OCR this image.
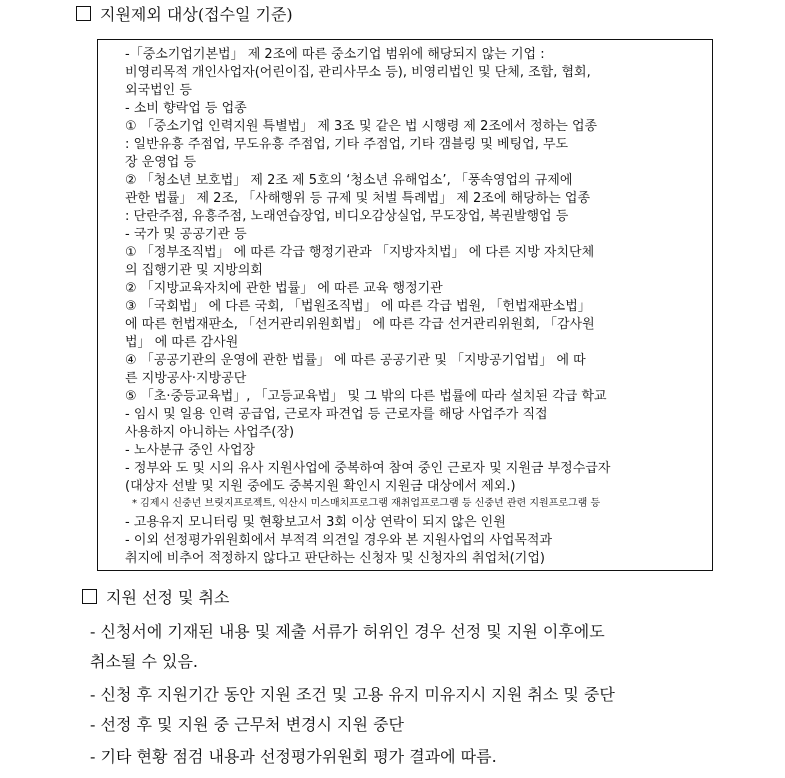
지원제외 대상(접수일 기준)
-「중소기업기본법」 제 2조에 따른 중소기업 범위에 해당되지 않는 기업 :
비영리목적 개인사업자(어린이집, 관리사무소 등), 비영리법인 및 단체, 조합, 협회,
외국법인 등
- 소비 향락업 등 업종
① 「중소기업 인력지원 특별법」 제 3조 및 같은 법 시행령 제 2조에서 정하는 업종
: 일반유흥 주점업, 무도유흥 주점업, 기타 주점업, 기타 갬블링 및 베팅업, 무도
장 운영업 등
② 「청소년 보호법」 제 2조 제 5호의 ‘청소년 유해업소’, 「풍속영업의 규제에
관한 법률」 제 2조, 「사해행위 등 규제 및 처벌 특례법」 제 2조에 해당하는 업종
: 단란주점, 유흥주점, 노래연습장업, 비디오감상실업, 무도장업, 복권발행업 등
- 국가 및 공공기관 등
① 「정부조직법」 에 따른 각급 행정기관과 「지방자치법」 에 다른 지방 자치단체
의 집행기관 및 지방의회
② 「지방교육자치에 관한 법률」 에 따른 교육 행정기관
③ 「국회법」 에 다른 국회, 「법원조직법」 에 따른 각급 법원, 「헌법재판소법」
에 따른 헌법재판소, 「선거관리위원회법」 에 따른 각급 선거관리위원회, 「감사원
법」 에 따른 감사원
④ 「공공기관의 운영에 관한 법률」 에 따른 공공기관 및 「지방공기업법」 에 따
른 지방공사·지방공단
⑤ 「초·중등교육법」, 「고등교육법」 및 그 밖의 다른 법률에 따라 설치된 각급 학교
- 임시 및 일용 인력 공급업, 근로자 파견업 등 근로자를 해당 사업주가 직접
사용하지 아니하는 사업주(장)
- 노사분규 중인 사업장
- 정부와 도 및 시의 유사 지원사업에 중복하여 참여 중인 근로자 및 지원금 부정수급자
(대상자 선발 및 지원 중에도 중복지원 확인시 지원금 대상에서 제외.)
* 김제시 신중년 브릿지프로젝트, 익산시 미스매치프로그램 재취업프로그램 등 신중년 관련 지원프로그램 등
- 고용유지 모니터링 및 현황보고서 3회 이상 연락이 되지 않은 인원
- 이외 선정평가위원회에서 부적격 의견일 경우와 본 지원사업의 사업목적과
취지에 비추어 적정하지 않다고 판단하는 신청자 및 신청자의 취업처(기업)
지원 선정 및 취소
- 신청서에 기재된 내용 및 제출 서류가 허위인 경우 선정 및 지원 이후에도
취소될 수 있음.
- 신청 후 지원기간 동안 지원 조건 및 고용 유지 미유지시 지원 취소 및 중단
- 선정 후 및 지원 중 근무처 변경시 지원 중단
- 기타 현황 점검 내용과 선정평가위원회 평가 결과에 따름.
